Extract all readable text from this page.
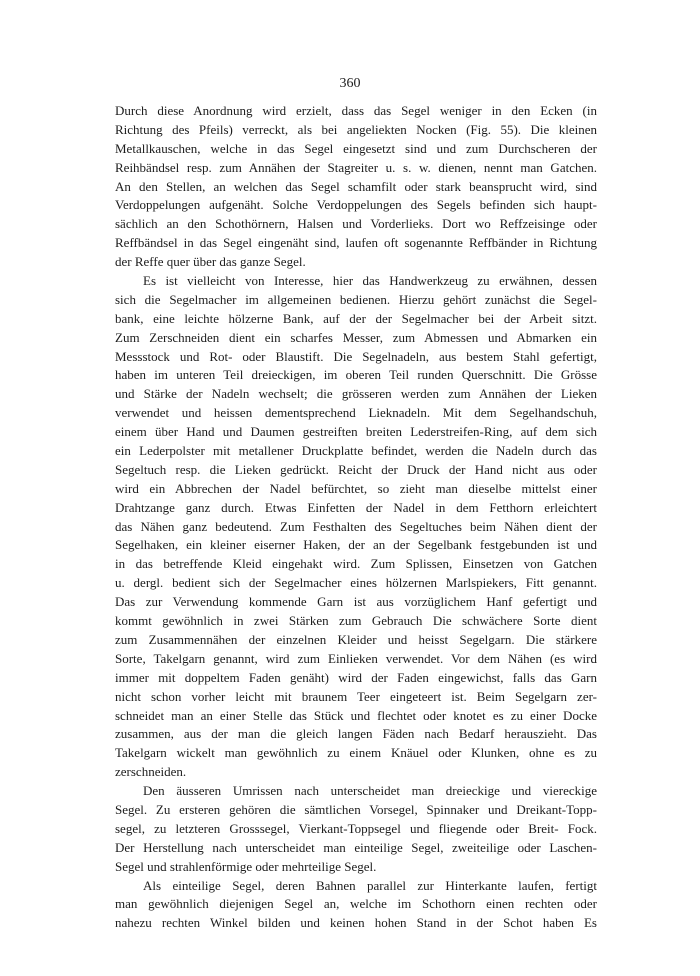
360
Durch diese Anordnung wird erzielt, dass das Segel weniger in den Ecken (in
Richtung des Pfeils) verreckt, als bei angeliekten Nocken (Fig. 55). Die kleinen
Metallkauschen, welche in das Segel eingesetzt sind und zum Durchscheren der
Reihbändsel resp. zum Annähen der Stagreiter u. s. w. dienen, nennt man Gatchen.
An den Stellen, an welchen das Segel schamfilt oder stark beansprucht wird, sind
Verdoppelungen aufgenäht. Solche Verdoppelungen des Segels befinden sich haupt-
sächlich an den Schothörnern, Halsen und Vorderlieks. Dort wo Reffzeisinge oder
Reffbändsel in das Segel eingenäht sind, laufen oft sogenannte Reffbänder in Richtung
der Reffe quer über das ganze Segel.
Es ist vielleicht von Interesse, hier das Handwerkzeug zu erwähnen, dessen
sich die Segelmacher im allgemeinen bedienen. Hierzu gehört zunächst die Segel-
bank, eine leichte hölzerne Bank, auf der der Segelmacher bei der Arbeit sitzt.
Zum Zerschneiden dient ein scharfes Messer, zum Abmessen und Abmarken ein
Messstock und Rot- oder Blaustift. Die Segelnadeln, aus bestem Stahl gefertigt,
haben im unteren Teil dreieckigen, im oberen Teil runden Querschnitt. Die Grösse
und Stärke der Nadeln wechselt; die grösseren werden zum Annähen der Lieken
verwendet und heissen dementsprechend Lieknadeln. Mit dem Segelhandschuh,
einem über Hand und Daumen gestreiften breiten Lederstreifen-Ring, auf dem sich
ein Lederpolster mit metallener Druckplatte befindet, werden die Nadeln durch das
Segeltuch resp. die Lieken gedrückt. Reicht der Druck der Hand nicht aus oder
wird ein Abbrechen der Nadel befürchtet, so zieht man dieselbe mittelst einer
Drahtzange ganz durch. Etwas Einfetten der Nadel in dem Fetthorn erleichtert
das Nähen ganz bedeutend. Zum Festhalten des Segeltuches beim Nähen dient der
Segelhaken, ein kleiner eiserner Haken, der an der Segelbank festgebunden ist und
in das betreffende Kleid eingehakt wird. Zum Splissen, Einsetzen von Gatchen
u. dergl. bedient sich der Segelmacher eines hölzernen Marlspiekers, Fitt genannt.
Das zur Verwendung kommende Garn ist aus vorzüglichem Hanf gefertigt und
kommt gewöhnlich in zwei Stärken zum Gebrauch Die schwächere Sorte dient
zum Zusammennähen der einzelnen Kleider und heisst Segelgarn. Die stärkere
Sorte, Takelgarn genannt, wird zum Einlieken verwendet. Vor dem Nähen (es wird
immer mit doppeltem Faden genäht) wird der Faden eingewichst, falls das Garn
nicht schon vorher leicht mit braunem Teer eingeteert ist. Beim Segelgarn zer-
schneidet man an einer Stelle das Stück und flechtet oder knotet es zu einer Docke
zusammen, aus der man die gleich langen Fäden nach Bedarf herauszieht. Das
Takelgarn wickelt man gewöhnlich zu einem Knäuel oder Klunken, ohne es zu
zerschneiden.
Den äusseren Umrissen nach unterscheidet man dreieckige und viereckige
Segel. Zu ersteren gehören die sämtlichen Vorsegel, Spinnaker und Dreikant-Topp-
segel, zu letzteren Grosssegel, Vierkant-Toppsegel und fliegende oder Breit- Fock.
Der Herstellung nach unterscheidet man einteilige Segel, zweiteilige oder Laschen-
Segel und strahlenförmige oder mehrteilige Segel.
Als einteilige Segel, deren Bahnen parallel zur Hinterkante laufen, fertigt
man gewöhnlich diejenigen Segel an, welche im Schothorn einen rechten oder
nahezu rechten Winkel bilden und keinen hohen Stand in der Schot haben Es
